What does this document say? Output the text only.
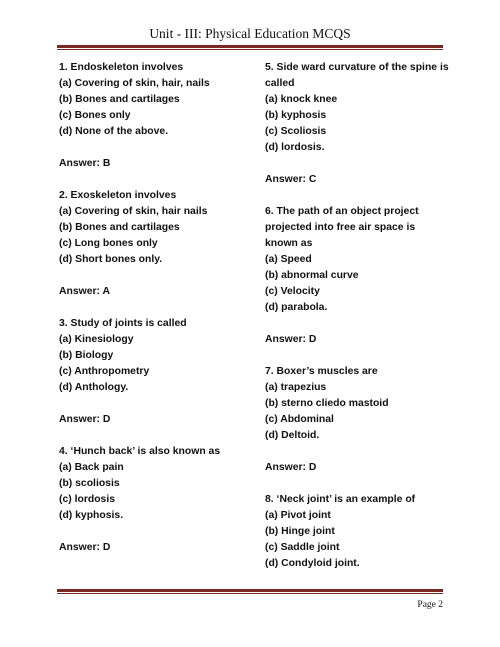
Unit - III: Physical Education MCQS
1. Endoskeleton involves
(a) Covering of skin, hair, nails
(b) Bones and cartilages
(c) Bones only
(d) None of the above.
Answer: B
2. Exoskeleton involves
(a) Covering of skin, hair nails
(b) Bones and cartilages
(c) Long bones only
(d) Short bones only.
Answer: A
3. Study of joints is called
(a) Kinesiology
(b) Biology
(c) Anthropometry
(d) Anthology.
Answer: D
4. ‘Hunch back’ is also known as
(a) Back pain
(b) scoliosis
(c) lordosis
(d) kyphosis.
Answer: D
5. Side ward curvature of the spine is
called
(a) knock knee
(b) kyphosis
(c) Scoliosis
(d) lordosis.
Answer: C
6. The path of an object project
projected into free air space is
known as
(a) Speed
(b) abnormal curve
(c) Velocity
(d) parabola.
Answer: D
7. Boxer’s muscles are
(a) trapezius
(b) sterno cliedo mastoid
(c) Abdominal
(d) Deltoid.
Answer: D
8. ‘Neck joint’ is an example of
(a) Pivot joint
(b) Hinge joint
(c) Saddle joint
(d) Condyloid joint.
Page 2
